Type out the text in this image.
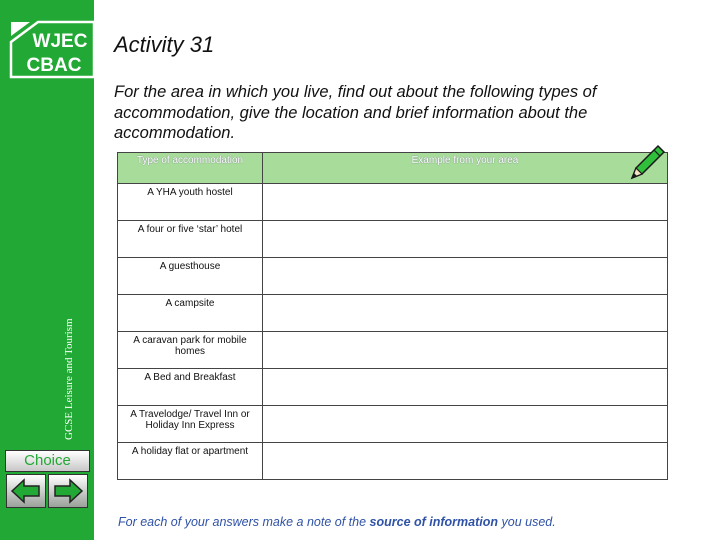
WJEC
CBAC
GCSE Leisure and Tourism
Choice
Activity 31

For the area in which you live, find out about the following types of accommodation, give the location and brief information about the accommodation.

Type of accommodation	Example from your area
A YHA youth hostel	
A four or five ‘star’ hotel	
A guesthouse	
A campsite	
A caravan park for mobile homes	
A Bed and Breakfast	
A Travelodge/ Travel Inn or Holiday Inn Express	
A holiday flat or apartment	

For each of your answers make a note of the source of information you used.
